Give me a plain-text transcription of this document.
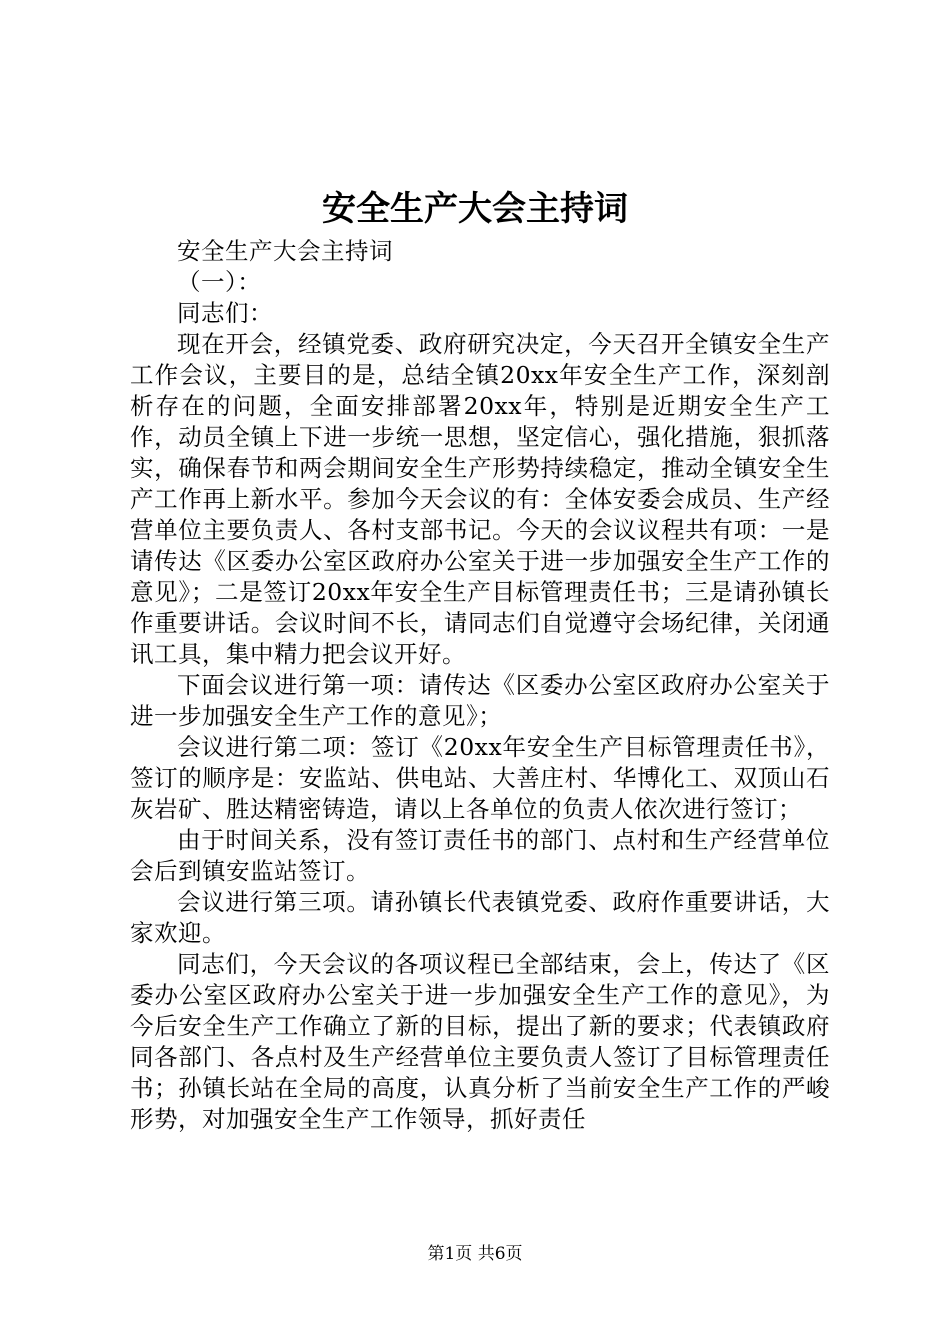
安全生产大会主持词

安全生产大会主持词

（一）：

同志们：

现在开会，经镇党委、政府研究决定，今天召开全镇安全生产工作会议，主要目的是，总结全镇20xx年安全生产工作，深刻剖析存在的问题，全面安排部署20xx年，特别是近期安全生产工作，动员全镇上下进一步统一思想，坚定信心，强化措施，狠抓落实，确保春节和两会期间安全生产形势持续稳定，推动全镇安全生产工作再上新水平。参加今天会议的有：全体安委会成员、生产经营单位主要负责人、各村支部书记。今天的会议议程共有项：一是请传达《区委办公室区政府办公室关于进一步加强安全生产工作的意见》；二是签订20xx年安全生产目标管理责任书；三是请孙镇长作重要讲话。会议时间不长，请同志们自觉遵守会场纪律，关闭通讯工具，集中精力把会议开好。

下面会议进行第一项：请传达《区委办公室区政府办公室关于进一步加强安全生产工作的意见》；

会议进行第二项：签订《20xx年安全生产目标管理责任书》，签订的顺序是：安监站、供电站、大善庄村、华博化工、双顶山石灰岩矿、胜达精密铸造，请以上各单位的负责人依次进行签订；

由于时间关系，没有签订责任书的部门、点村和生产经营单位会后到镇安监站签订。

会议进行第三项。请孙镇长代表镇党委、政府作重要讲话，大家欢迎。

同志们，今天会议的各项议程已全部结束，会上，传达了《区委办公室区政府办公室关于进一步加强安全生产工作的意见》，为今后安全生产工作确立了新的目标，提出了新的要求；代表镇政府同各部门、各点村及生产经营单位主要负责人签订了目标管理责任书；孙镇长站在全局的高度，认真分析了当前安全生产工作的严峻形势，对加强安全生产工作领导，抓好责任

第1页 共6页
